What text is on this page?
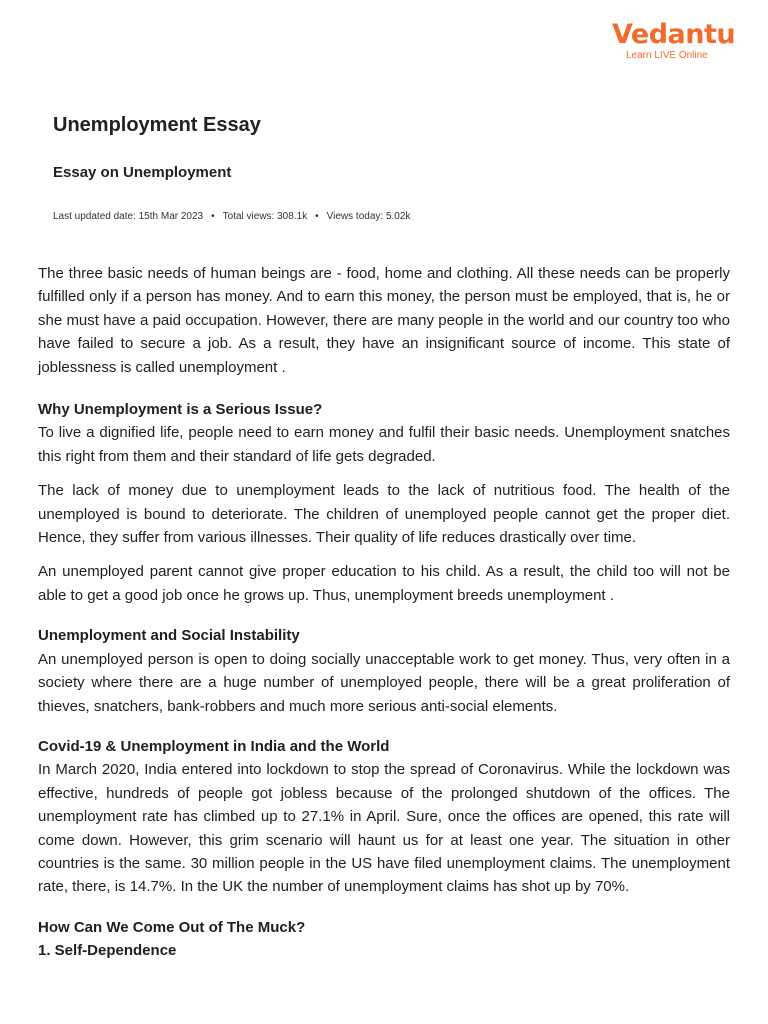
Vedantu
Learn LIVE Online
Unemployment Essay
Essay on Unemployment
Last updated date: 15th Mar 2023 • Total views: 308.1k • Views today: 5.02k

The three basic needs of human beings are - food, home and clothing. All these needs can be properly fulfilled only if a person has money. And to earn this money, the person must be employed, that is, he or she must have a paid occupation. However, there are many people in the world and our country too who have failed to secure a job. As a result, they have an insignificant source of income. This state of joblessness is called unemployment .

Why Unemployment is a Serious Issue?

To live a dignified life, people need to earn money and fulfil their basic needs. Unemployment snatches this right from them and their standard of life gets degraded.

The lack of money due to unemployment leads to the lack of nutritious food. The health of the unemployed is bound to deteriorate. The children of unemployed people cannot get the proper diet. Hence, they suffer from various illnesses. Their quality of life reduces drastically over time.

An unemployed parent cannot give proper education to his child. As a result, the child too will not be able to get a good job once he grows up. Thus, unemployment breeds unemployment .

Unemployment and Social Instability

An unemployed person is open to doing socially unacceptable work to get money. Thus, very often in a society where there are a huge number of unemployed people, there will be a great proliferation of thieves, snatchers, bank-robbers and much more serious anti-social elements.

Covid-19 & Unemployment in India and the World

In March 2020, India entered into lockdown to stop the spread of Coronavirus. While the lockdown was effective, hundreds of people got jobless because of the prolonged shutdown of the offices. The unemployment rate has climbed up to 27.1% in April. Sure, once the offices are opened, this rate will come down. However, this grim scenario will haunt us for at least one year. The situation in other countries is the same. 30 million people in the US have filed unemployment claims. The unemployment rate, there, is 14.7%. In the UK the number of unemployment claims has shot up by 70%.

How Can We Come Out of The Muck?
1. Self-Dependence
